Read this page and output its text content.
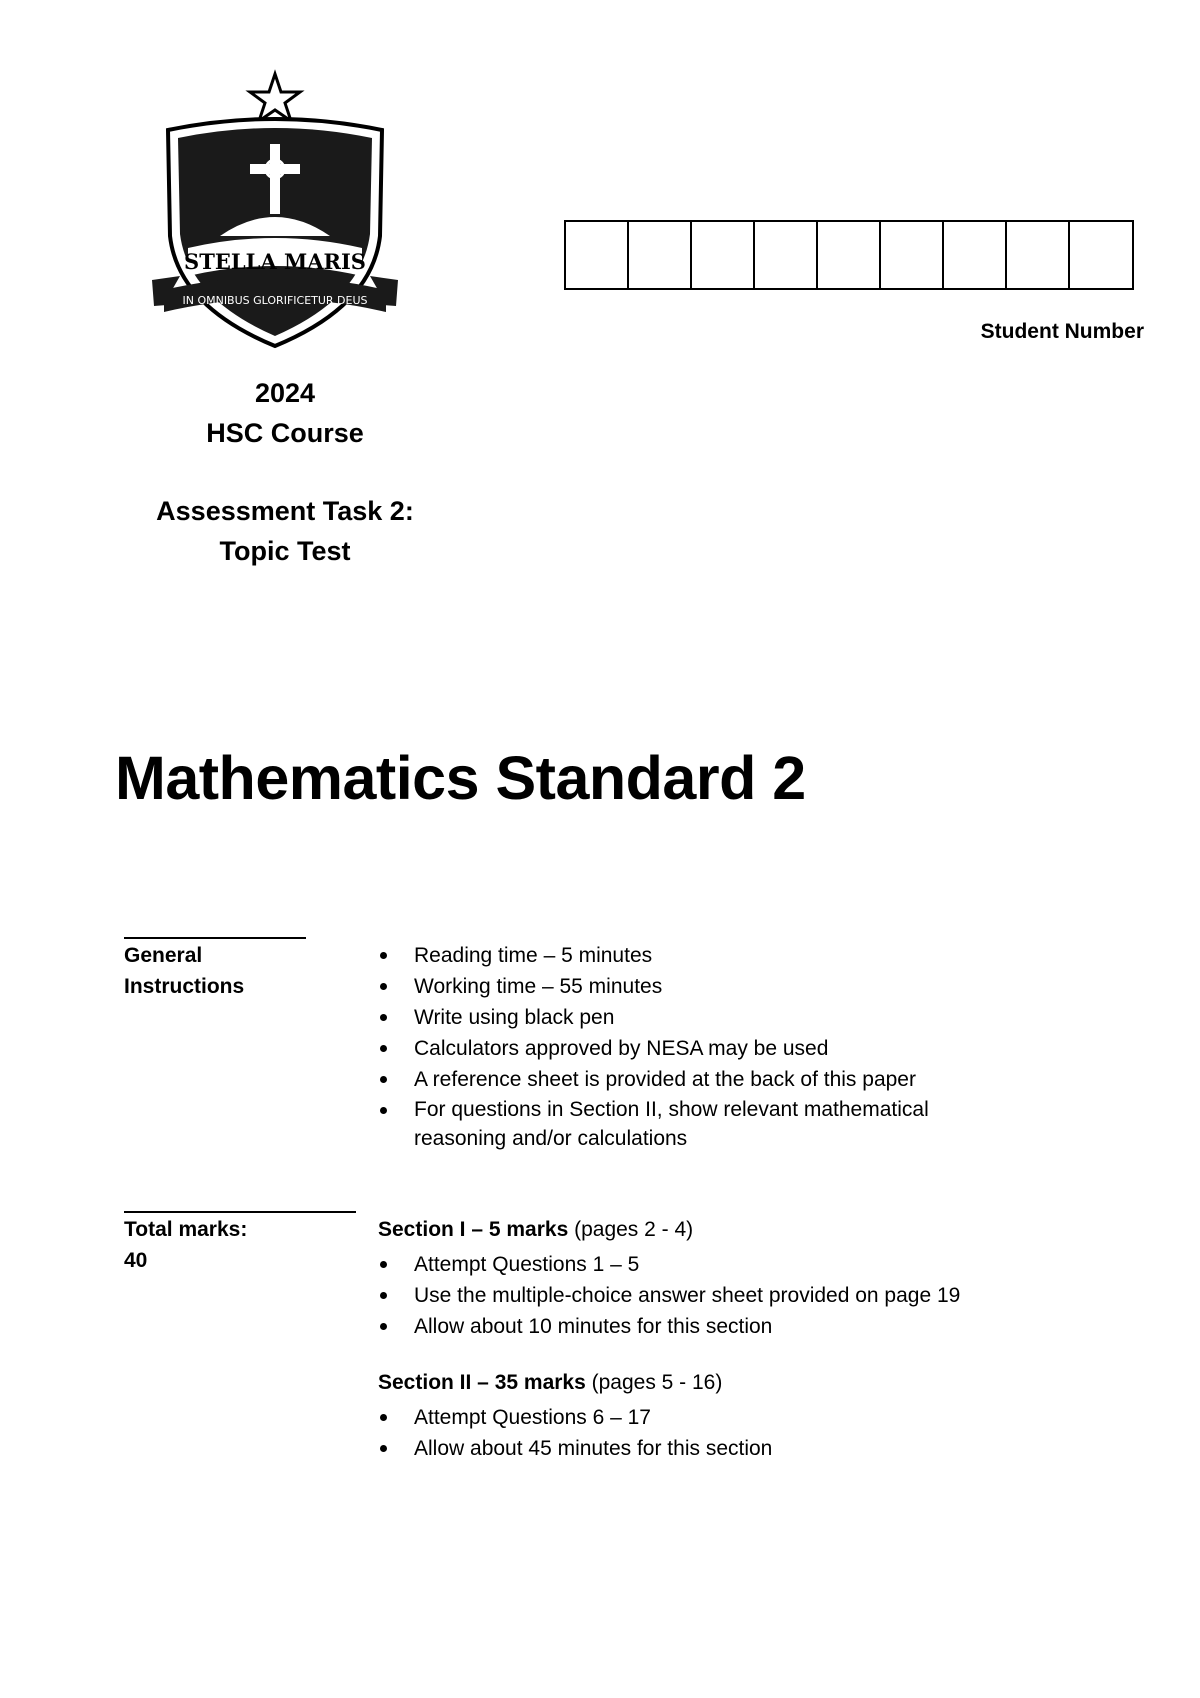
STELLA MARIS
IN OMNIBUS GLORIFICETUR DEUS
Student Number
2024
HSC Course
Assessment Task 2:
Topic Test
Mathematics Standard 2
General
Instructions
Reading time – 5 minutes
Working time – 55 minutes
Write using black pen
Calculators approved by NESA may be used
A reference sheet is provided at the back of this paper
For questions in Section II, show relevant mathematical reasoning and/or calculations
Total marks:
40
Section I – 5 marks (pages 2 - 4)
Attempt Questions 1 – 5
Use the multiple-choice answer sheet provided on page 19
Allow about 10 minutes for this section
Section II – 35 marks (pages 5 - 16)
Attempt Questions 6 – 17
Allow about 45 minutes for this section
